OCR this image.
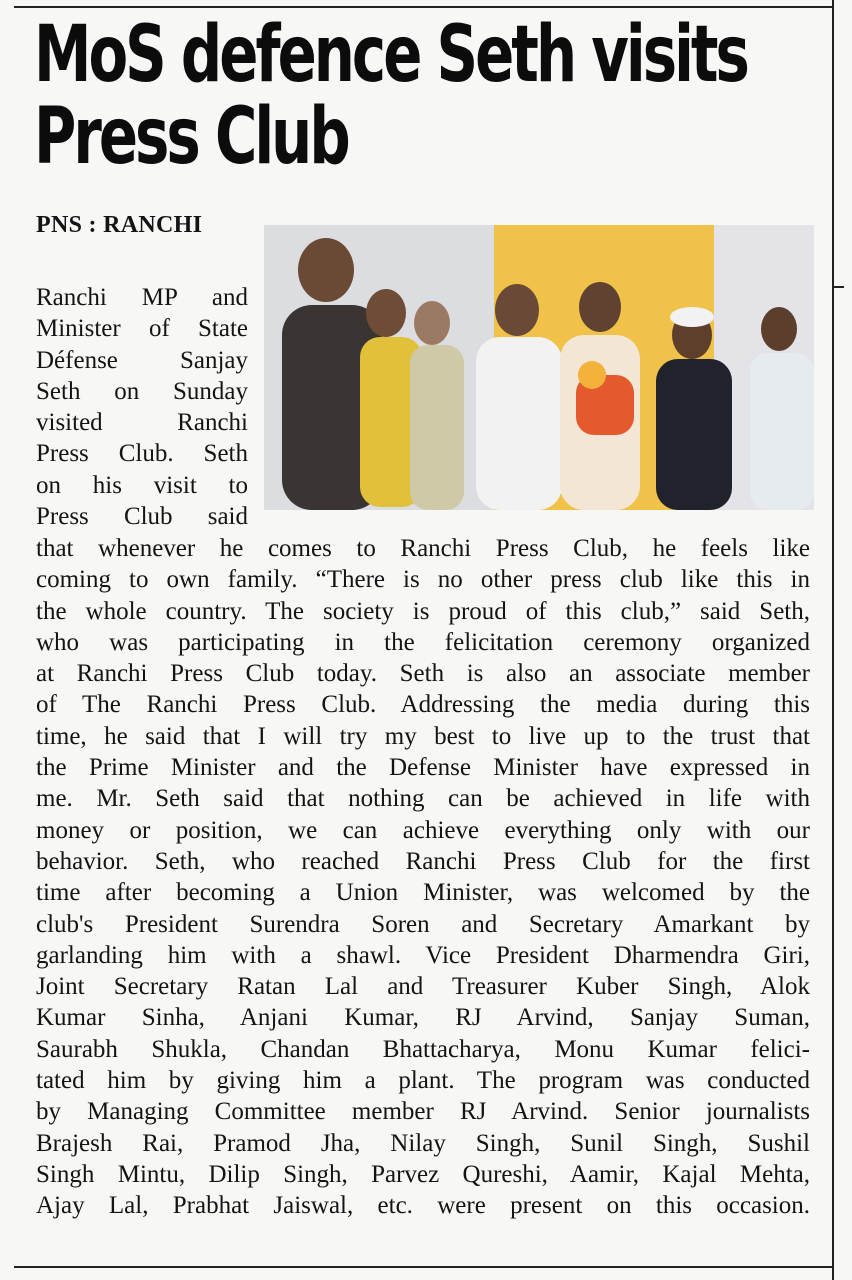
MoS defence Seth visits
Press Club
PNS : RANCHI
Ranchi MP and
Minister of State
Défense Sanjay
Seth on Sunday
visited Ranchi
Press Club. Seth
on his visit to
Press Club said
that whenever he comes to Ranchi Press Club, he feels like
coming to own family. “There is no other press club like this in
the whole country. The society is proud of this club,” said Seth,
who was participating in the felicitation ceremony organized
at Ranchi Press Club today. Seth is also an associate member
of The Ranchi Press Club. Addressing the media during this
time, he said that I will try my best to live up to the trust that
the Prime Minister and the Defense Minister have expressed in
me. Mr. Seth said that nothing can be achieved in life with
money or position, we can achieve everything only with our
behavior. Seth, who reached Ranchi Press Club for the first
time after becoming a Union Minister, was welcomed by the
club's President Surendra Soren and Secretary Amarkant by
garlanding him with a shawl. Vice President Dharmendra Giri,
Joint Secretary Ratan Lal and Treasurer Kuber Singh, Alok
Kumar Sinha, Anjani Kumar, RJ Arvind, Sanjay Suman,
Saurabh Shukla, Chandan Bhattacharya, Monu Kumar felici-
tated him by giving him a plant. The program was conducted
by Managing Committee member RJ Arvind. Senior journalists
Brajesh Rai, Pramod Jha, Nilay Singh, Sunil Singh, Sushil
Singh Mintu, Dilip Singh, Parvez Qureshi, Aamir, Kajal Mehta,
Ajay Lal, Prabhat Jaiswal, etc. were present on this occasion.
